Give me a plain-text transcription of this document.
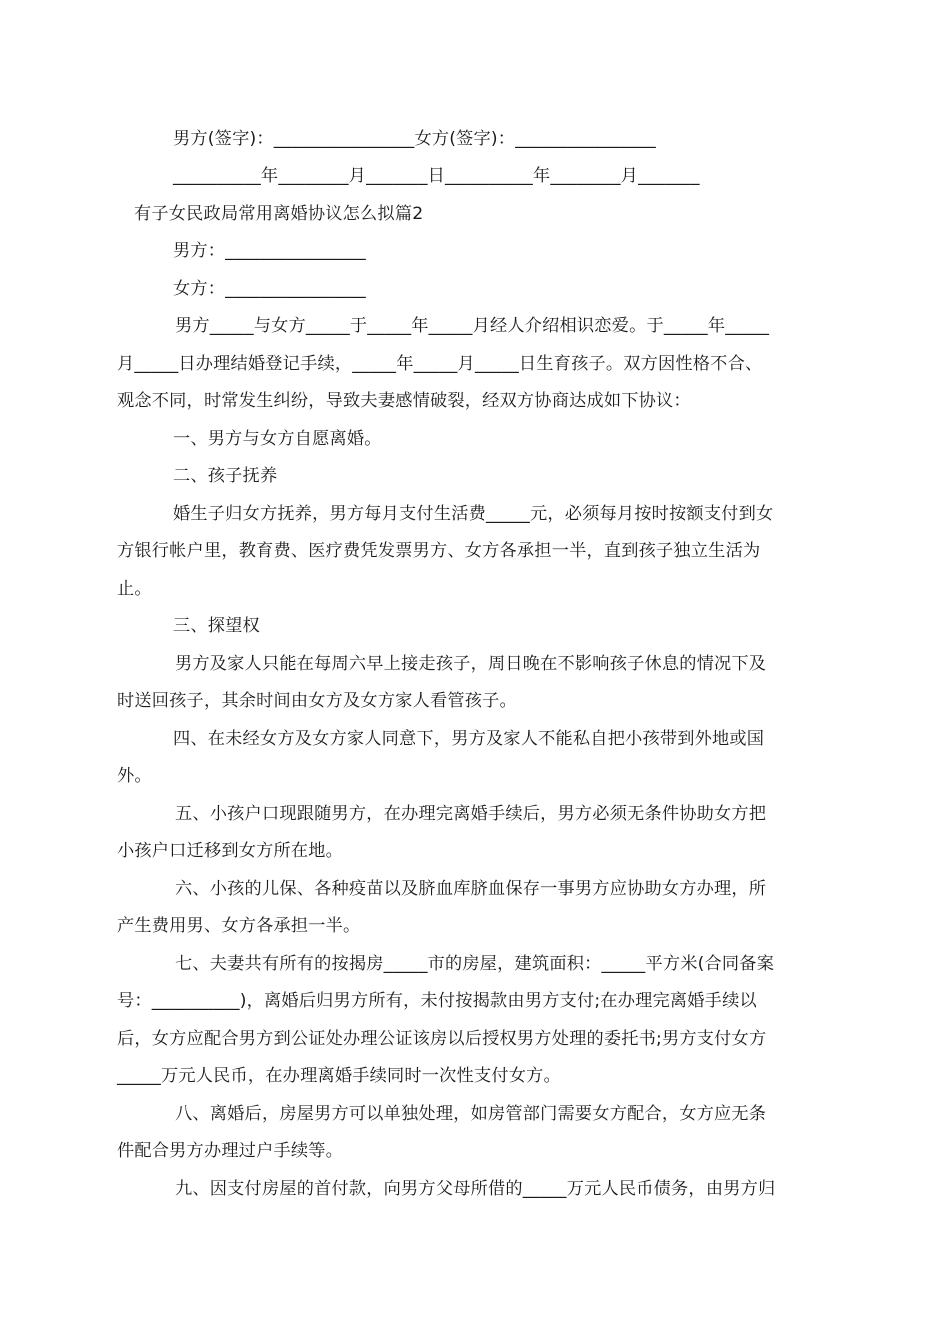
男方(签字)：________________女方(签字)：________________
__________年________月_______日__________年________月_______
有子女民政局常用离婚协议怎么拟篇2
男方：________________
女方：________________
男方_____与女方_____于_____年_____月经人介绍相识恋爱。于_____年_____
月_____日办理结婚登记手续，_____年_____月_____日生育孩子。双方因性格不合、
观念不同，时常发生纠纷，导致夫妻感情破裂，经双方协商达成如下协议：
一、男方与女方自愿离婚。
二、孩子抚养
婚生子归女方抚养，男方每月支付生活费_____元，必须每月按时按额支付到女
方银行帐户里，教育费、医疗费凭发票男方、女方各承担一半，直到孩子独立生活为
止。
三、探望权
男方及家人只能在每周六早上接走孩子，周日晚在不影响孩子休息的情况下及
时送回孩子，其余时间由女方及女方家人看管孩子。
四、在未经女方及女方家人同意下，男方及家人不能私自把小孩带到外地或国
外。
五、小孩户口现跟随男方，在办理完离婚手续后，男方必须无条件协助女方把
小孩户口迁移到女方所在地。
六、小孩的儿保、各种疫苗以及脐血库脐血保存一事男方应协助女方办理，所
产生费用男、女方各承担一半。
七、夫妻共有所有的按揭房_____市的房屋，建筑面积：_____平方米(合同备案
号：__________)，离婚后归男方所有，未付按揭款由男方支付;在办理完离婚手续以
后，女方应配合男方到公证处办理公证该房以后授权男方处理的委托书;男方支付女方
_____万元人民币，在办理离婚手续同时一次性支付女方。
八、离婚后，房屋男方可以单独处理，如房管部门需要女方配合，女方应无条
件配合男方办理过户手续等。
九、因支付房屋的首付款，向男方父母所借的_____万元人民币债务，由男方归
